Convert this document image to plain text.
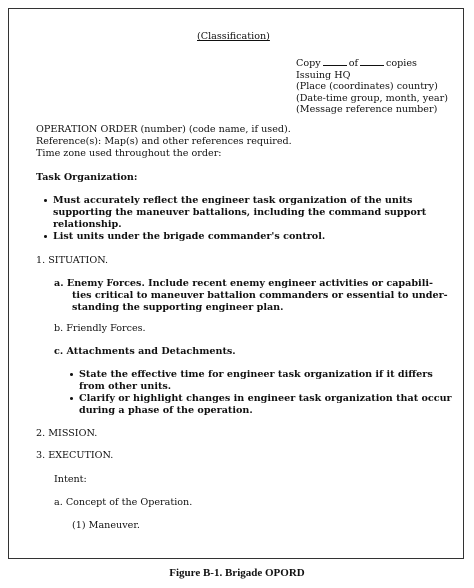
(Classification)
Copy	of	copies
Issuing HQ
(Place (coordinates) country)
(Date-time group, month, year)
(Message reference number)
OPERATION ORDER (number) (code name, if used).
Reference(s): Map(s) and other references required.
Time zone used throughout the order:
Task Organization:
Must accurately reflect the engineer task organization of the units
supporting the maneuver battalions, including the command support
relationship.
List units under the brigade commander's control.
1. SITUATION.
a. Enemy Forces. Include recent enemy engineer activities or capabili-
ties critical to maneuver battalion commanders or essential to under-
standing the supporting engineer plan.
b. Friendly Forces.
c. Attachments and Detachments.
State the effective time for engineer task organization if it differs
from other units.
Clarify or highlight changes in engineer task organization that occur
during a phase of the operation.
2. MISSION.
3. EXECUTION.
Intent:
a. Concept of the Operation.
(1) Maneuver.
Figure B-1. Brigade OPORD
